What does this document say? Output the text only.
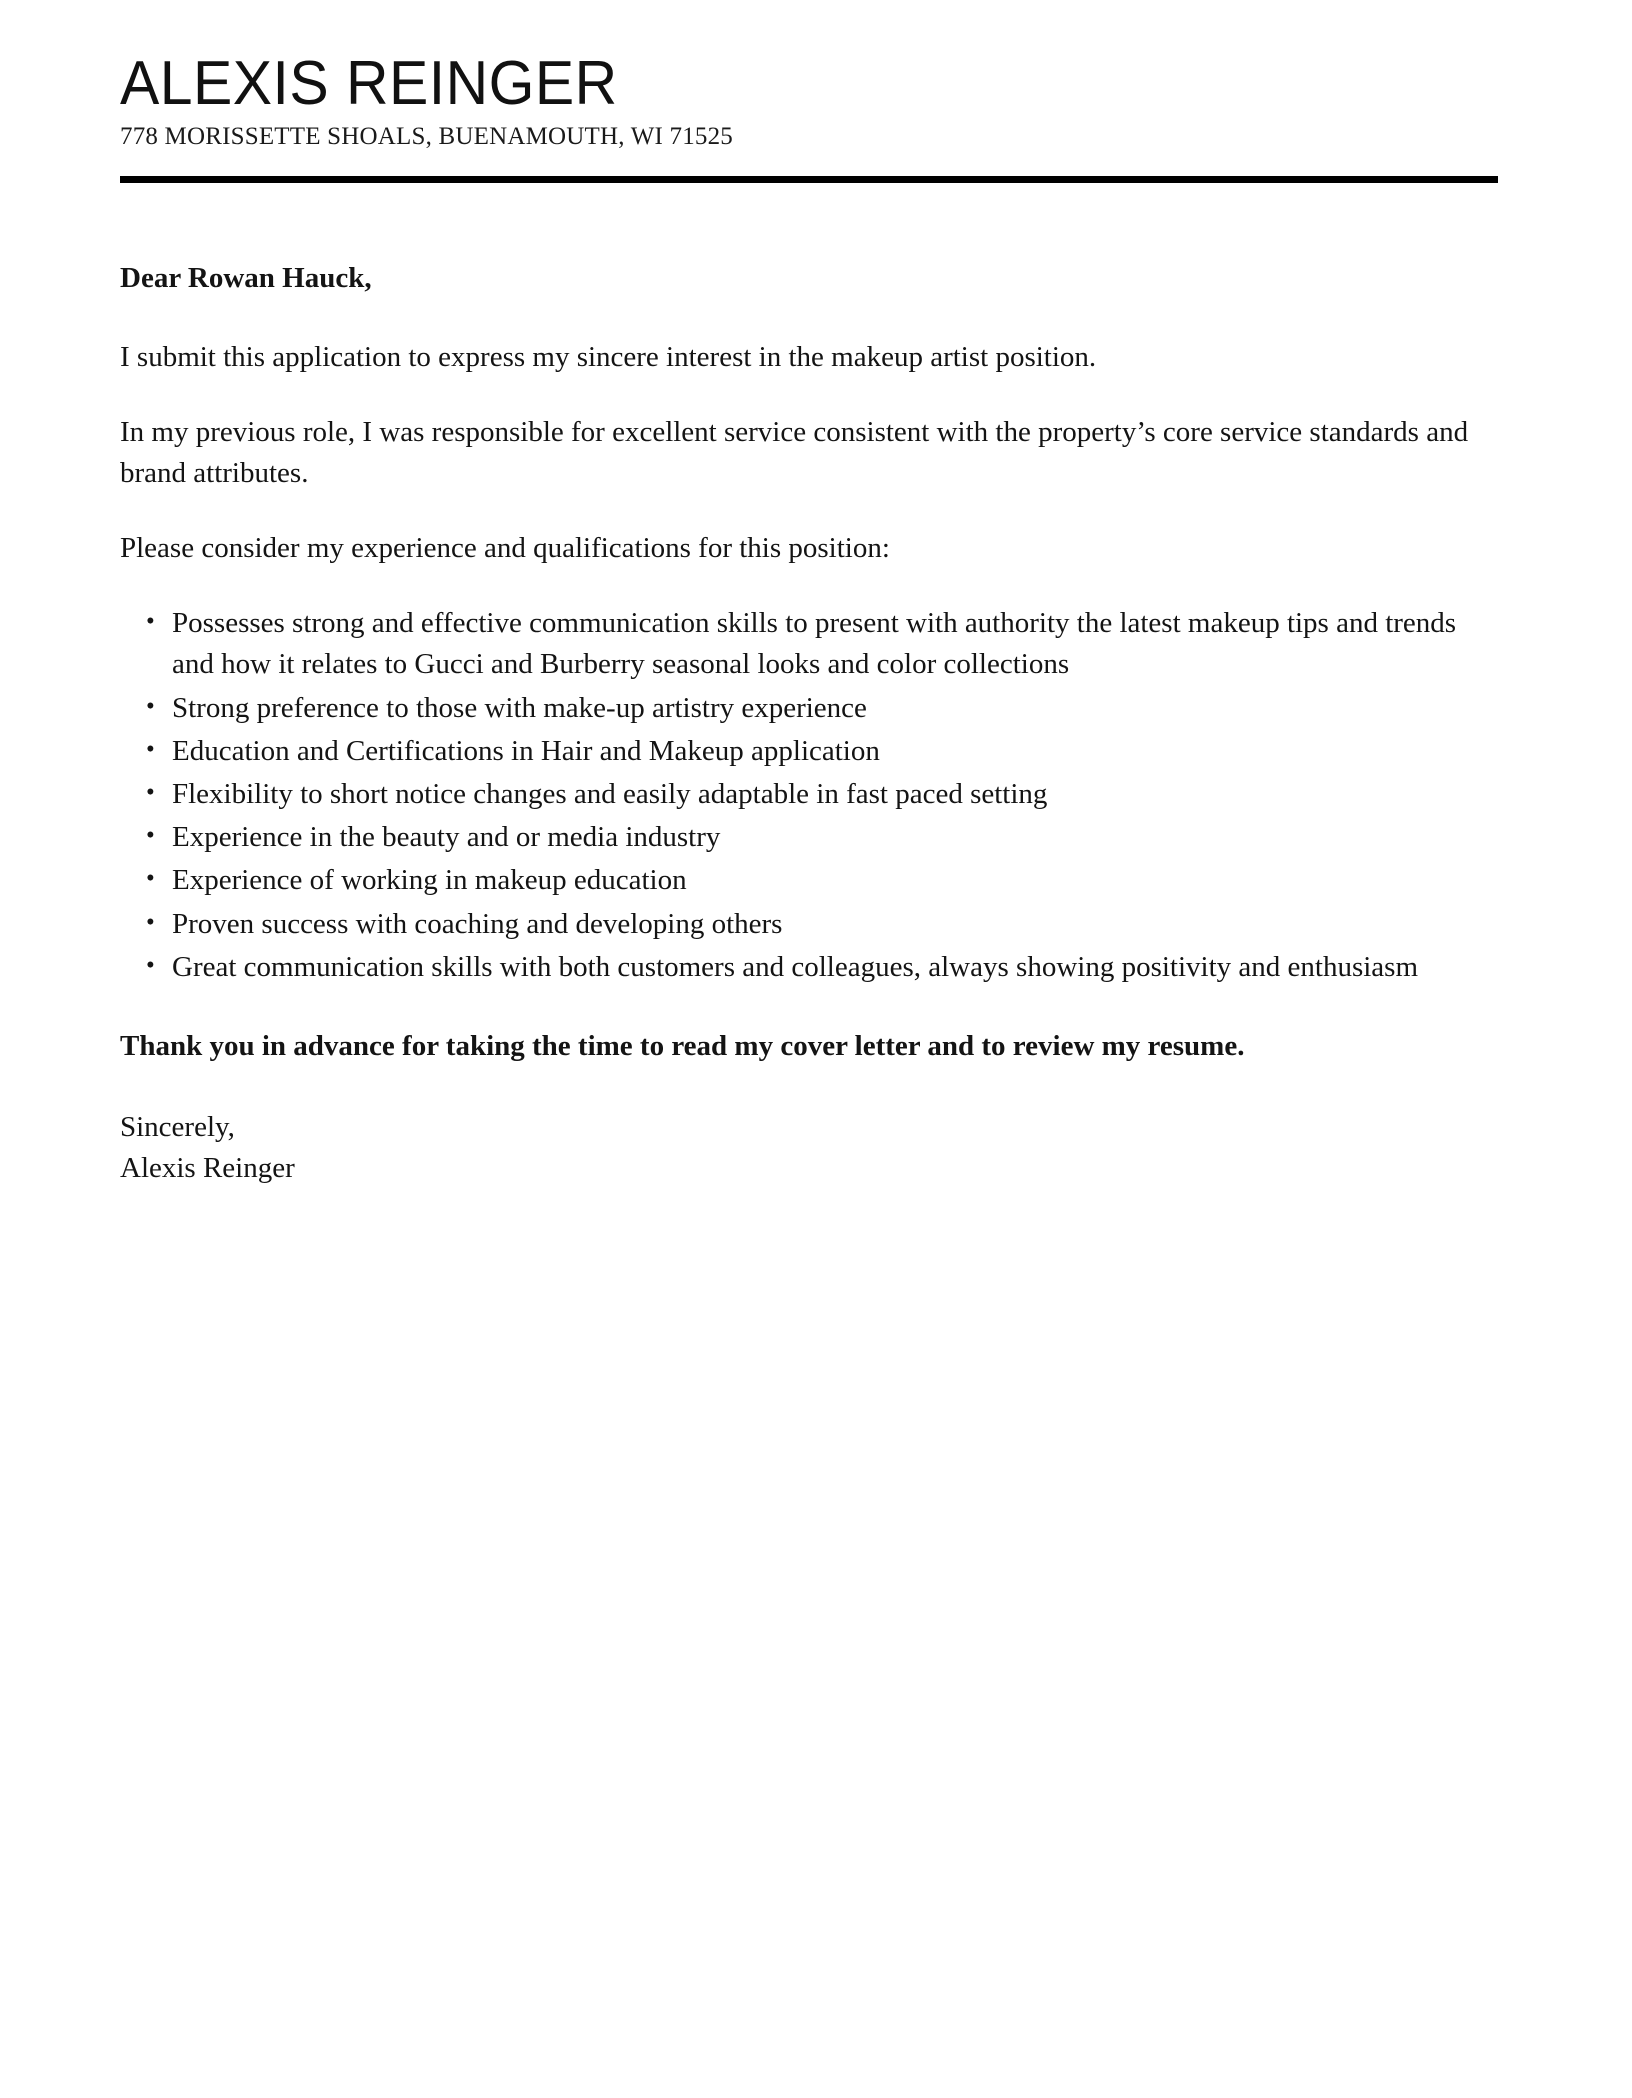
ALEXIS REINGER

778 MORISSETTE SHOALS, BUENAMOUTH, WI 71525

Dear Rowan Hauck,

I submit this application to express my sincere interest in the makeup artist position.

In my previous role, I was responsible for excellent service consistent with the property’s core service standards and brand attributes.

Please consider my experience and qualifications for this position:

• Possesses strong and effective communication skills to present with authority the latest makeup tips and trends and how it relates to Gucci and Burberry seasonal looks and color collections
• Strong preference to those with make-up artistry experience
• Education and Certifications in Hair and Makeup application
• Flexibility to short notice changes and easily adaptable in fast paced setting
• Experience in the beauty and or media industry
• Experience of working in makeup education
• Proven success with coaching and developing others
• Great communication skills with both customers and colleagues, always showing positivity and enthusiasm

Thank you in advance for taking the time to read my cover letter and to review my resume.

Sincerely,
Alexis Reinger
